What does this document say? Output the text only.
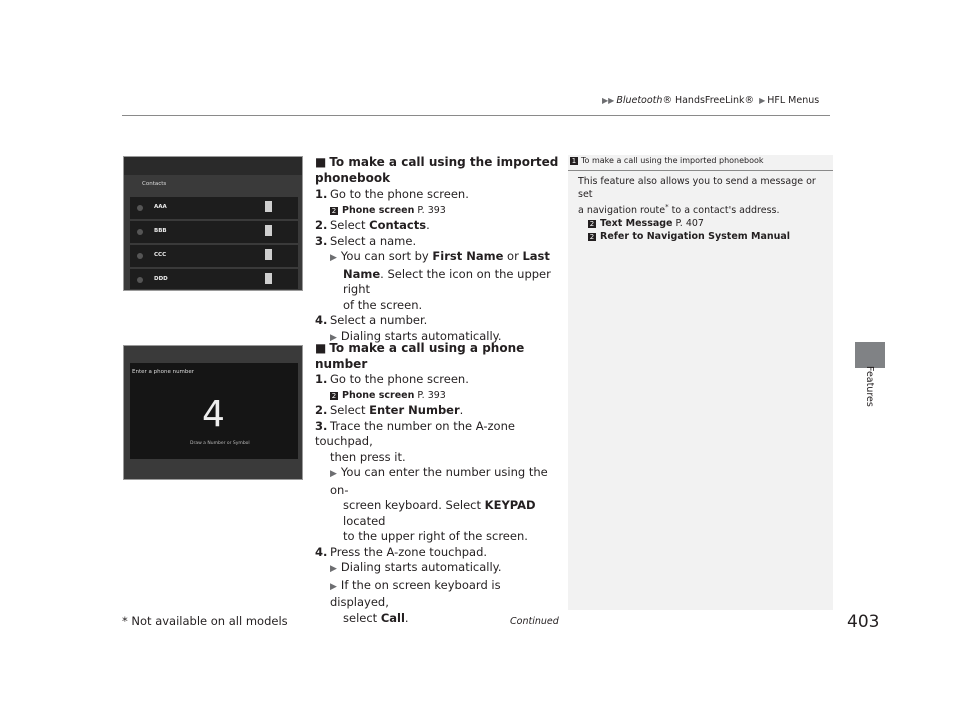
▶▶ Bluetooth® HandsFreeLink® ▶ HFL Menus
Features
Contacts
AAA
BBB
CCC
DDD
Enter a phone number
4
Draw a Number or Symbol
■ To make a call using the imported phonebook
1. Go to the phone screen.
2 Phone screen P. 393
2. Select Contacts.
3. Select a name.
▶ You can sort by First Name or Last
Name. Select the icon on the upper right
of the screen.
4. Select a number.
▶ Dialing starts automatically.
■ To make a call using a phone number
1. Go to the phone screen.
2 Phone screen P. 393
2. Select Enter Number.
3. Trace the number on the A-zone touchpad,
then press it.
▶ You can enter the number using the on-
screen keyboard. Select KEYPAD located
to the upper right of the screen.
4. Press the A-zone touchpad.
▶ Dialing starts automatically.
▶ If the on screen keyboard is displayed,
select Call.
1 To make a call using the imported phonebook
This feature also allows you to send a message or set
a navigation route* to a contact's address.
2 Text Message P. 407
2 Refer to Navigation System Manual
* Not available on all models	Continued	403
